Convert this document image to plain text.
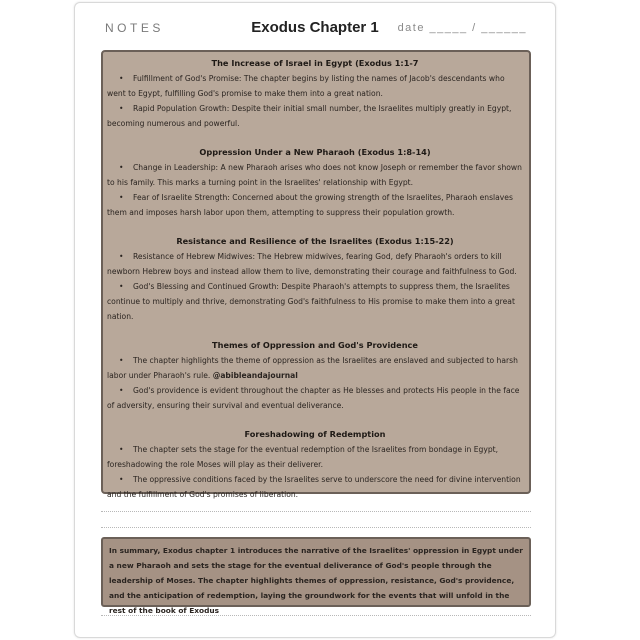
NOTES	Exodus Chapter 1	date _____ / ______
The Increase of Israel in Egypt (Exodus 1:1-7

• Fulfillment of God's Promise: The chapter begins by listing the names of Jacob's descendants who went to Egypt, fulfilling God's promise to make them into a great nation.

• Rapid Population Growth: Despite their initial small number, the Israelites multiply greatly in Egypt, becoming numerous and powerful.

Oppression Under a New Pharaoh (Exodus 1:8-14)

• Change in Leadership: A new Pharaoh arises who does not know Joseph or remember the favor shown to his family. This marks a turning point in the Israelites' relationship with Egypt.

• Fear of Israelite Strength: Concerned about the growing strength of the Israelites, Pharaoh enslaves them and imposes harsh labor upon them, attempting to suppress their population growth.

Resistance and Resilience of the Israelites (Exodus 1:15-22)

• Resistance of Hebrew Midwives: The Hebrew midwives, fearing God, defy Pharaoh's orders to kill newborn Hebrew boys and instead allow them to live, demonstrating their courage and faithfulness to God.

• God's Blessing and Continued Growth: Despite Pharaoh's attempts to suppress them, the Israelites continue to multiply and thrive, demonstrating God's faithfulness to His promise to make them into a great nation.

Themes of Oppression and God's Providence

• The chapter highlights the theme of oppression as the Israelites are enslaved and subjected to harsh labor under Pharaoh's rule. @abibleandajournal

• God's providence is evident throughout the chapter as He blesses and protects His people in the face of adversity, ensuring their survival and eventual deliverance.

Foreshadowing of Redemption

• The chapter sets the stage for the eventual redemption of the Israelites from bondage in Egypt, foreshadowing the role Moses will play as their deliverer.

• The oppressive conditions faced by the Israelites serve to underscore the need for divine intervention and the fulfillment of God's promises of liberation.

In summary, Exodus chapter 1 introduces the narrative of the Israelites' oppression in Egypt under a new Pharaoh and sets the stage for the eventual deliverance of God's people through the leadership of Moses. The chapter highlights themes of oppression, resistance, God's providence, and the anticipation of redemption, laying the groundwork for the events that will unfold in the rest of the book of Exodus
